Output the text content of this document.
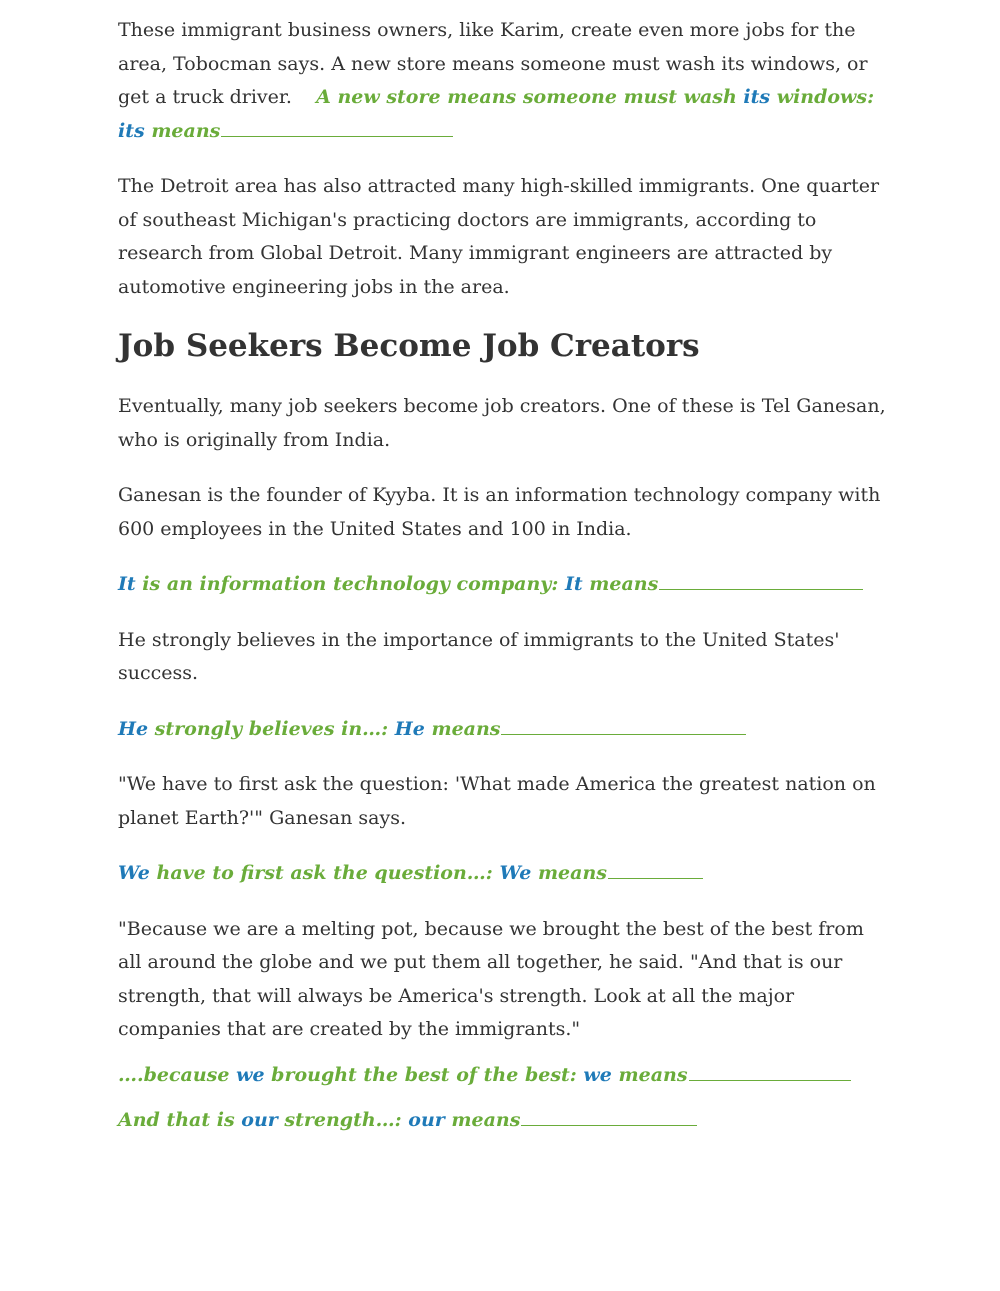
These immigrant business owners, like Karim, create even more jobs for the area, Tobocman says. A new store means someone must wash its windows, or get a truck driver. A new store means someone must wash its windows: its means

The Detroit area has also attracted many high-skilled immigrants. One quarter of southeast Michigan's practicing doctors are immigrants, according to research from Global Detroit. Many immigrant engineers are attracted by automotive engineering jobs in the area.

Job Seekers Become Job Creators

Eventually, many job seekers become job creators. One of these is Tel Ganesan, who is originally from India.

Ganesan is the founder of Kyyba. It is an information technology company with 600 employees in the United States and 100 in India.

It is an information technology company: It means

He strongly believes in the importance of immigrants to the United States' success.

He strongly believes in…: He means

"We have to first ask the question: 'What made America the greatest nation on planet Earth?'" Ganesan says.

We have to first ask the question…: We means

"Because we are a melting pot, because we brought the best of the best from all around the globe and we put them all together, he said. "And that is our strength, that will always be America's strength. Look at all the major companies that are created by the immigrants."

….because we brought the best of the best: we means

And that is our strength…: our means
